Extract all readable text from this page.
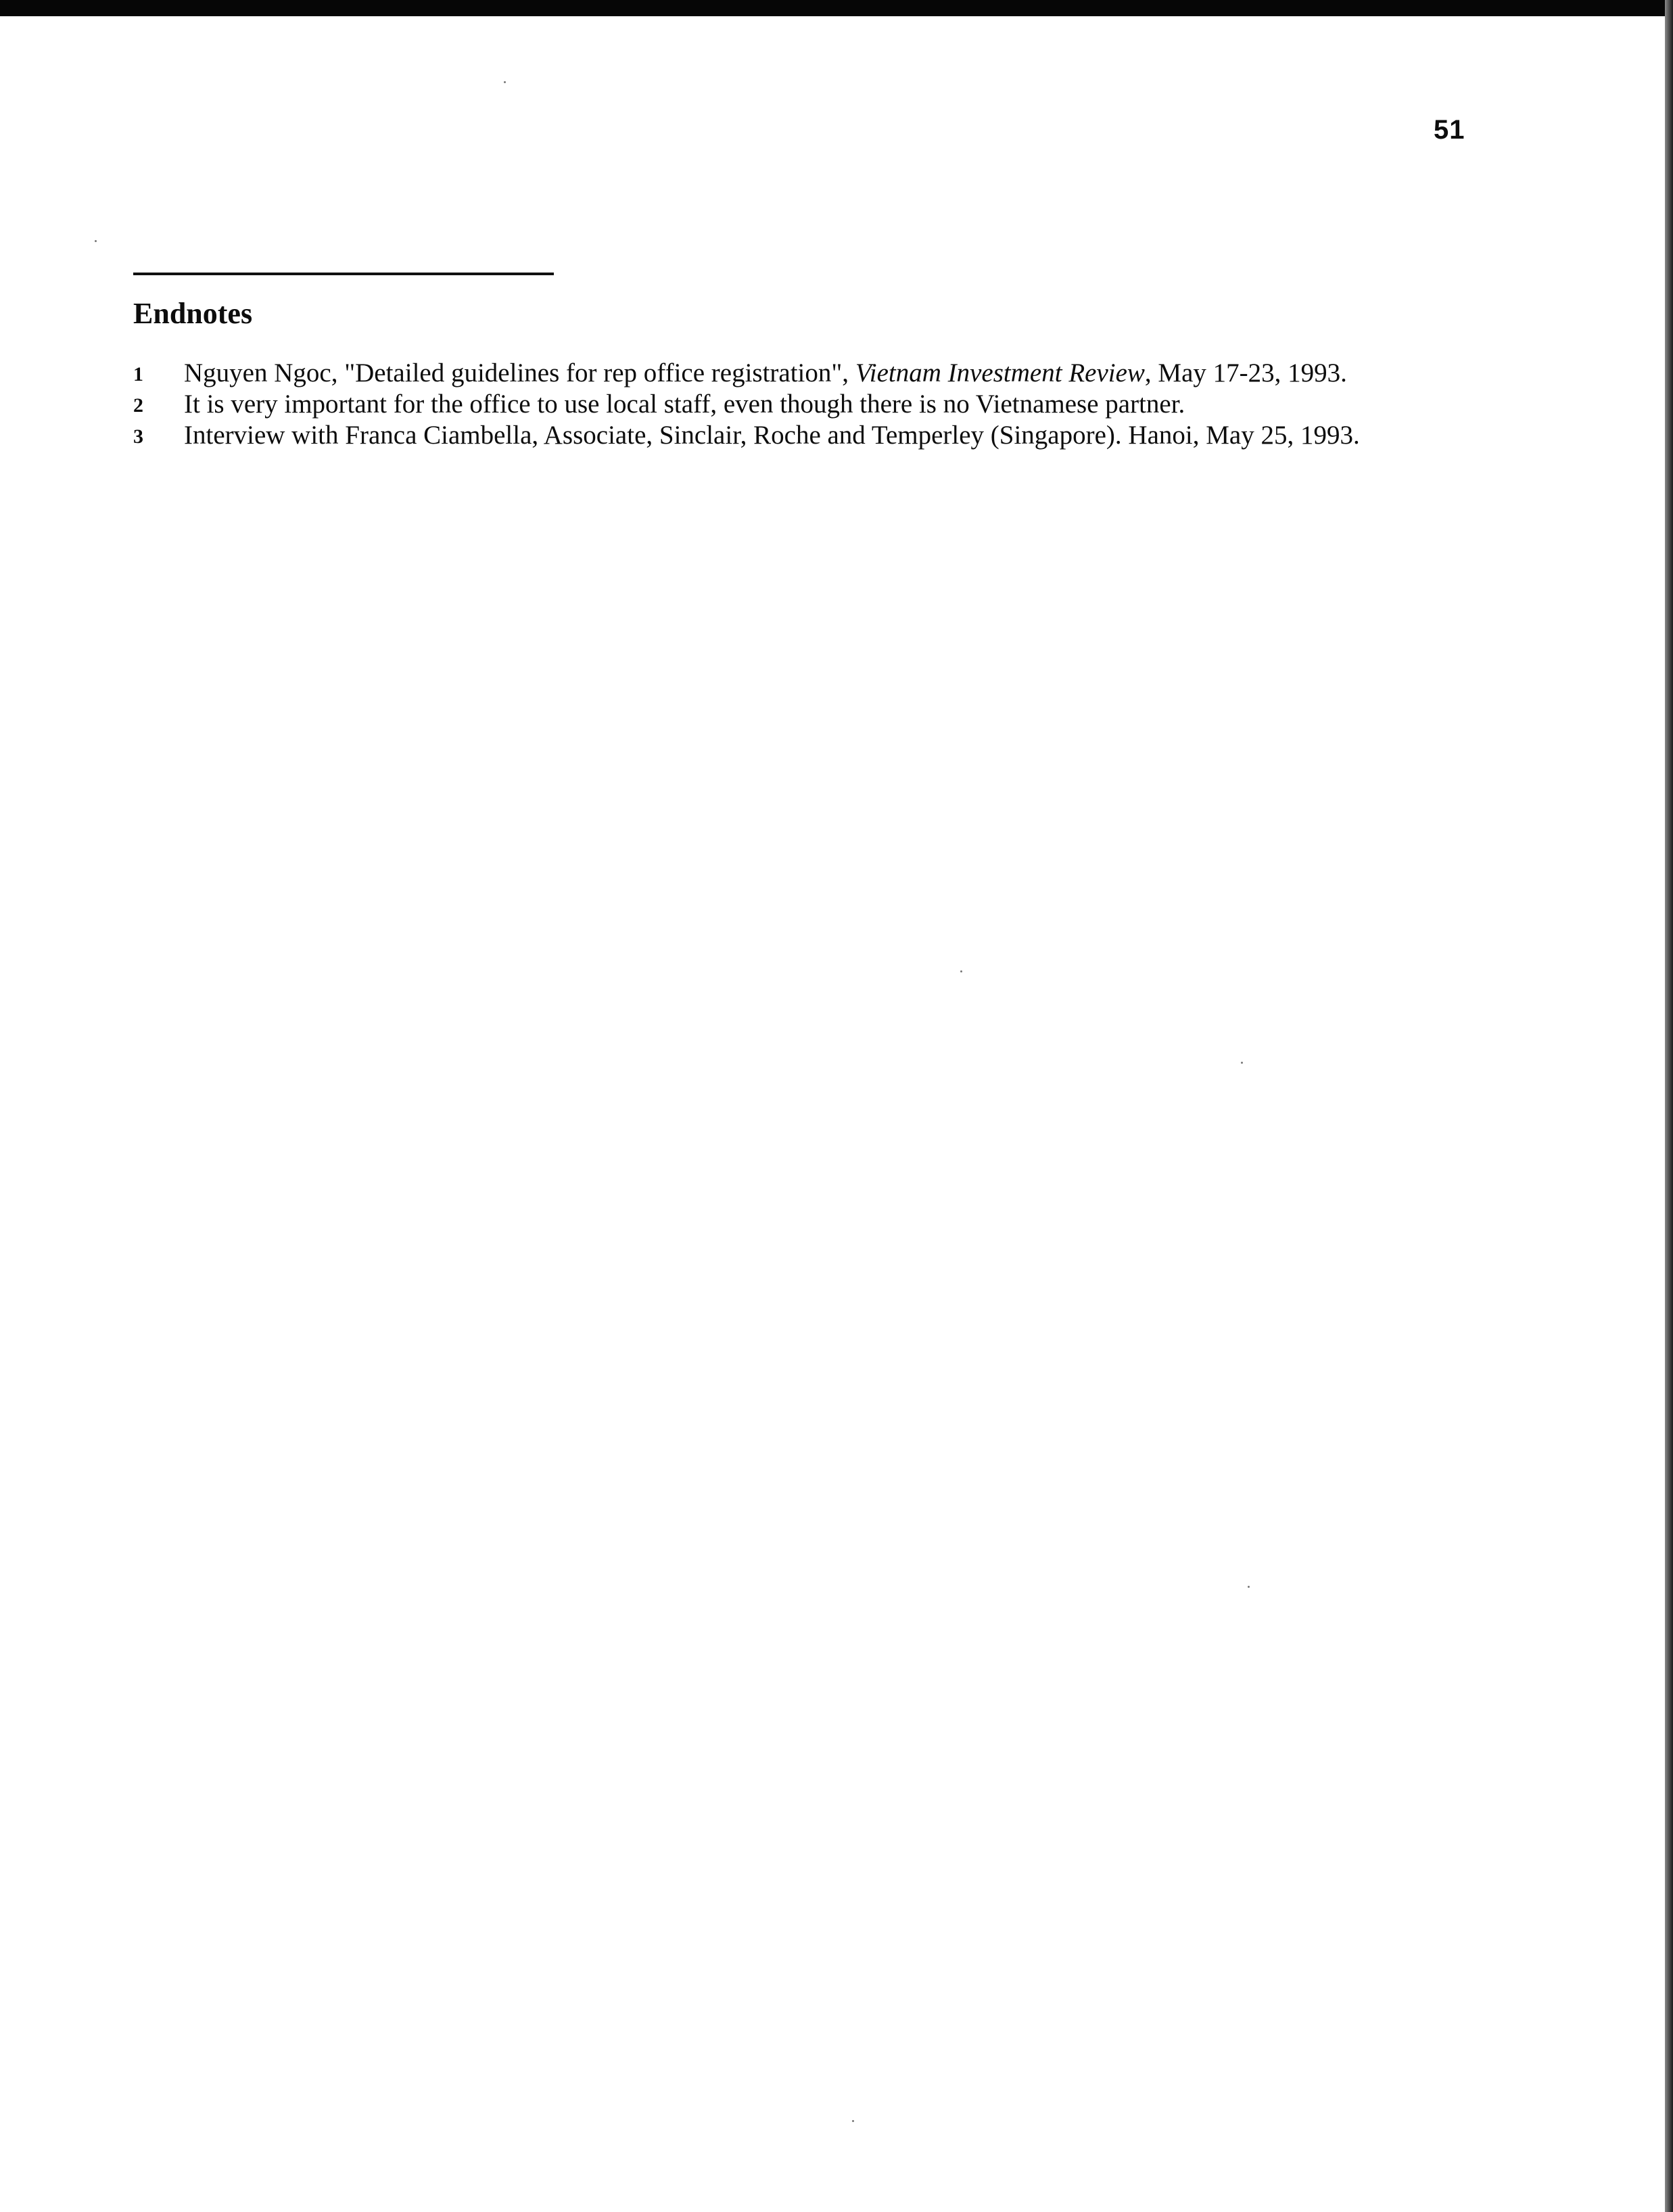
51
Endnotes
1 Nguyen Ngoc, "Detailed guidelines for rep office registration", Vietnam Investment Review, May 17-23, 1993.
2 It is very important for the office to use local staff, even though there is no Vietnamese partner.
3 Interview with Franca Ciambella, Associate, Sinclair, Roche and Temperley (Singapore). Hanoi, May 25, 1993.
